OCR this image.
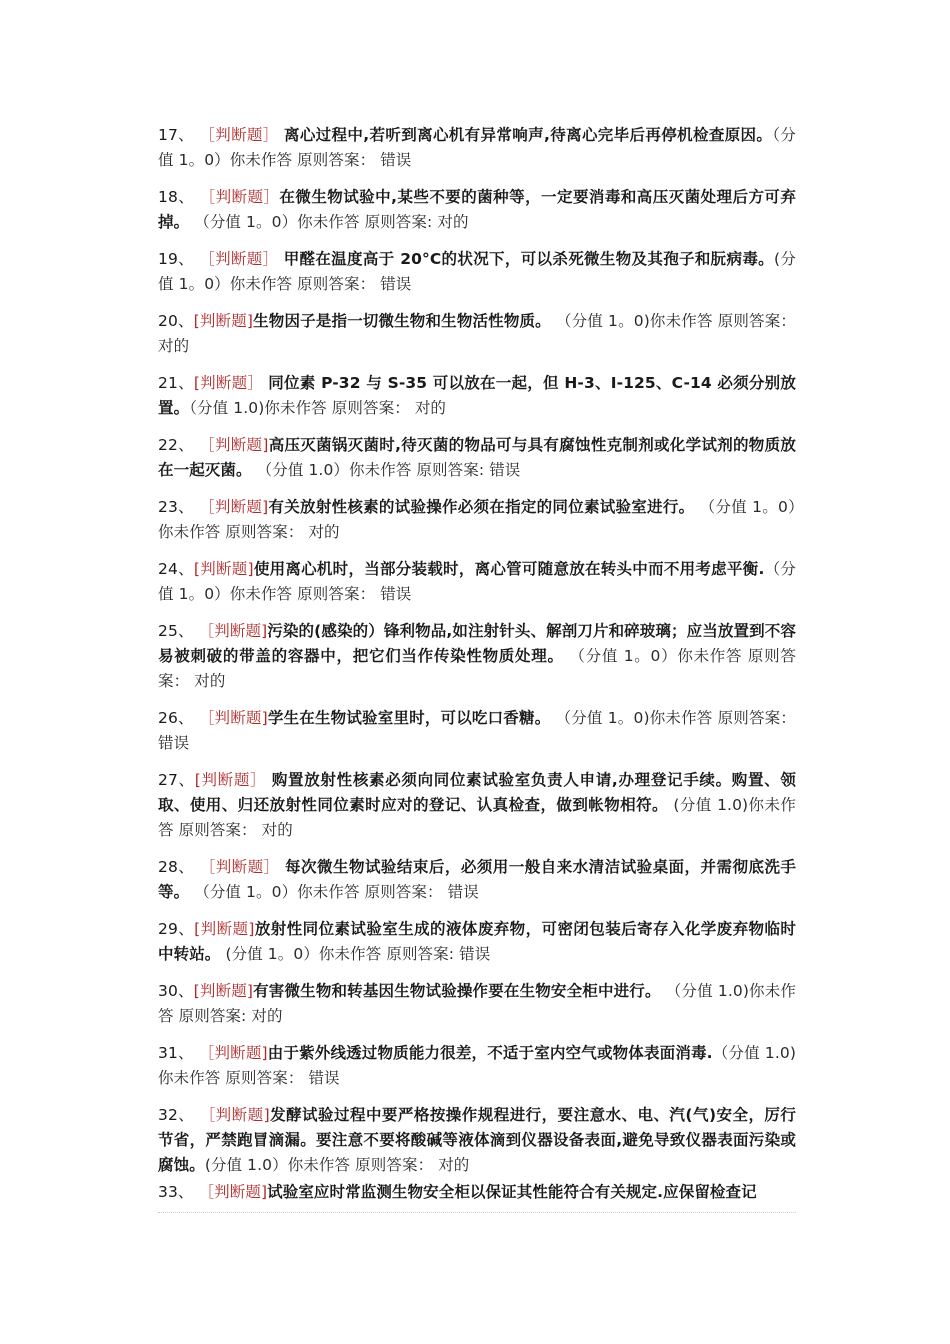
17、 ［判断题］ 离心过程中,若听到离心机有异常响声,待离心完毕后再停机检查原因。（分值 1。0）你未作答 原则答案： 错误

18、 ［判断题］在微生物试验中,某些不要的菌种等，一定要消毒和高压灭菌处理后方可弃掉。 （分值 1。0）你未作答 原则答案: 对的

19、 ［判断题］ 甲醛在温度高于 20°C的状况下，可以杀死微生物及其孢子和朊病毒。(分值 1。0）你未作答 原则答案： 错误

20、[判断题]生物因子是指一切微生物和生物活性物质。 （分值 1。0)你未作答 原则答案： 对的

21、[判断题］ 同位素 P-32 与 S-35 可以放在一起，但 H-3、I-125、C-14 必须分别放置。（分值 1.0)你未作答 原则答案： 对的

22、 ［判断题]高压灭菌锅灭菌时,待灭菌的物品可与具有腐蚀性克制剂或化学试剂的物质放在一起灭菌。 （分值 1.0）你未作答 原则答案: 错误

23、 ［判断题]有关放射性核素的试验操作必须在指定的同位素试验室进行。 （分值 1。0）你未作答 原则答案： 对的

24、[判断题]使用离心机时，当部分装载时，离心管可随意放在转头中而不用考虑平衡.（分值 1。0）你未作答 原则答案： 错误

25、 ［判断题]污染的(感染的）锋利物品,如注射针头、解剖刀片和碎玻璃；应当放置到不容易被刺破的带盖的容器中，把它们当作传染性物质处理。 （分值 1。0）你未作答 原则答案： 对的

26、 ［判断题]学生在生物试验室里时，可以吃口香糖。 （分值 1。0)你未作答 原则答案： 错误

27、[判断题］ 购置放射性核素必须向同位素试验室负责人申请,办理登记手续。购置、领取、使用、归还放射性同位素时应对的登记、认真检查，做到帐物相符。 (分值 1.0)你未作答 原则答案： 对的

28、 ［判断题］ 每次微生物试验结束后，必须用一般自来水清洁试验桌面，并需彻底洗手等。 （分值 1。0）你未作答 原则答案： 错误

29、[判断题]放射性同位素试验室生成的液体废弃物，可密闭包装后寄存入化学废弃物临时中转站。 (分值 1。0）你未作答 原则答案: 错误

30、[判断题]有害微生物和转基因生物试验操作要在生物安全柜中进行。 （分值 1.0)你未作答 原则答案: 对的

31、 ［判断题]由于紫外线透过物质能力很差，不适于室内空气或物体表面消毒.（分值 1.0)你未作答 原则答案： 错误

32、 ［判断题]发酵试验过程中要严格按操作规程进行，要注意水、电、汽(气)安全，厉行节省，严禁跑冒滴漏。要注意不要将酸碱等液体滴到仪器设备表面,避免导致仪器表面污染或腐蚀。(分值 1.0）你未作答 原则答案： 对的

33、 ［判断题]试验室应时常监测生物安全柜以保证其性能符合有关规定.应保留检查记
